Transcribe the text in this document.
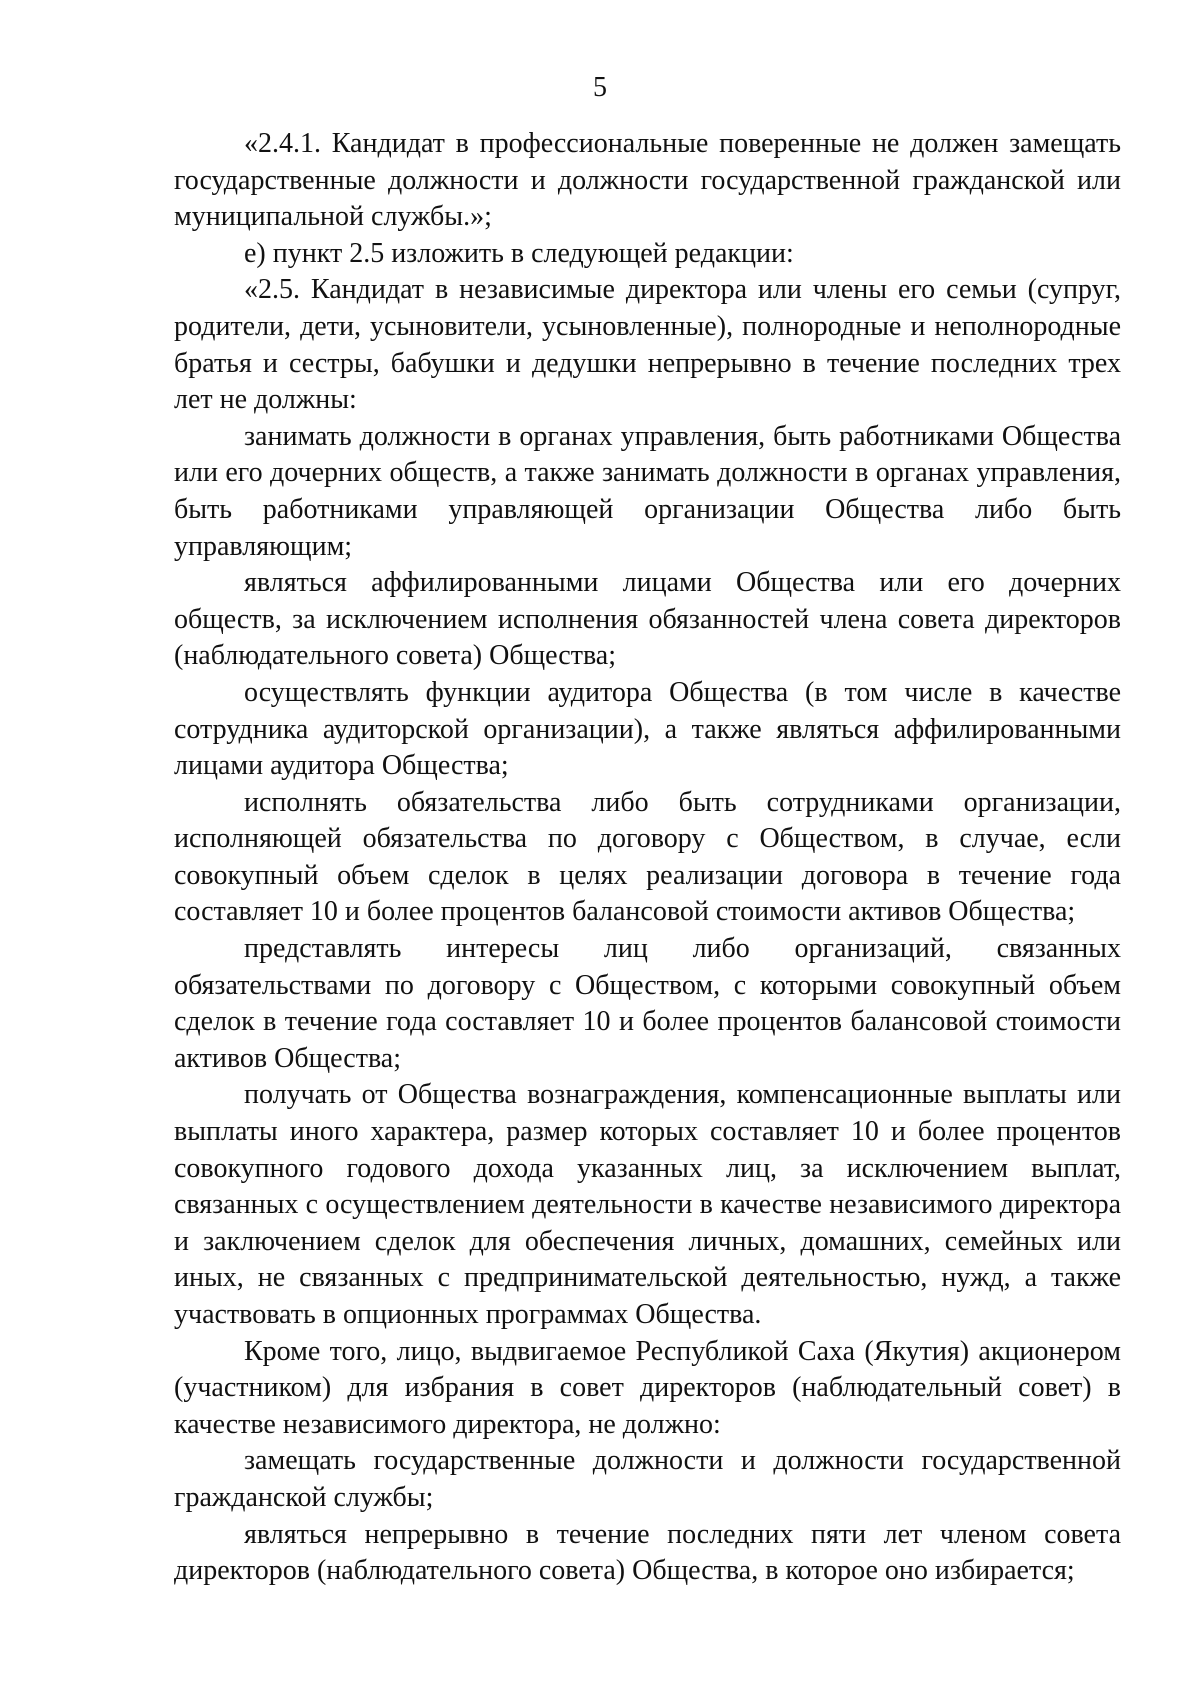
5

«2.4.1. Кандидат в профессиональные поверенные не должен замещать государственные должности и должности государственной гражданской или муниципальной службы.»;

е) пункт 2.5 изложить в следующей редакции:

«2.5. Кандидат в независимые директора или члены его семьи (супруг, родители, дети, усыновители, усыновленные), полнородные и неполнородные братья и сестры, бабушки и дедушки непрерывно в течение последних трех лет не должны:

занимать должности в органах управления, быть работниками Общества или его дочерних обществ, а также занимать должности в органах управления, быть работниками управляющей организации Общества либо быть управляющим;

являться аффилированными лицами Общества или его дочерних обществ, за исключением исполнения обязанностей члена совета директоров (наблюдательного совета) Общества;

осуществлять функции аудитора Общества (в том числе в качестве сотрудника аудиторской организации), а также являться аффилированными лицами аудитора Общества;

исполнять обязательства либо быть сотрудниками организации, исполняющей обязательства по договору с Обществом, в случае, если совокупный объем сделок в целях реализации договора в течение года составляет 10 и более процентов балансовой стоимости активов Общества;

представлять интересы лиц либо организаций, связанных обязательствами по договору с Обществом, с которыми совокупный объем сделок в течение года составляет 10 и более процентов балансовой стоимости активов Общества;

получать от Общества вознаграждения, компенсационные выплаты или выплаты иного характера, размер которых составляет 10 и более процентов совокупного годового дохода указанных лиц, за исключением выплат, связанных с осуществлением деятельности в качестве независимого директора и заключением сделок для обеспечения личных, домашних, семейных или иных, не связанных с предпринимательской деятельностью, нужд, а также участвовать в опционных программах Общества.

Кроме того, лицо, выдвигаемое Республикой Саха (Якутия) акционером (участником) для избрания в совет директоров (наблюдательный совет) в качестве независимого директора, не должно:

замещать государственные должности и должности государственной гражданской службы;

являться непрерывно в течение последних пяти лет членом совета директоров (наблюдательного совета) Общества, в которое оно избирается;
